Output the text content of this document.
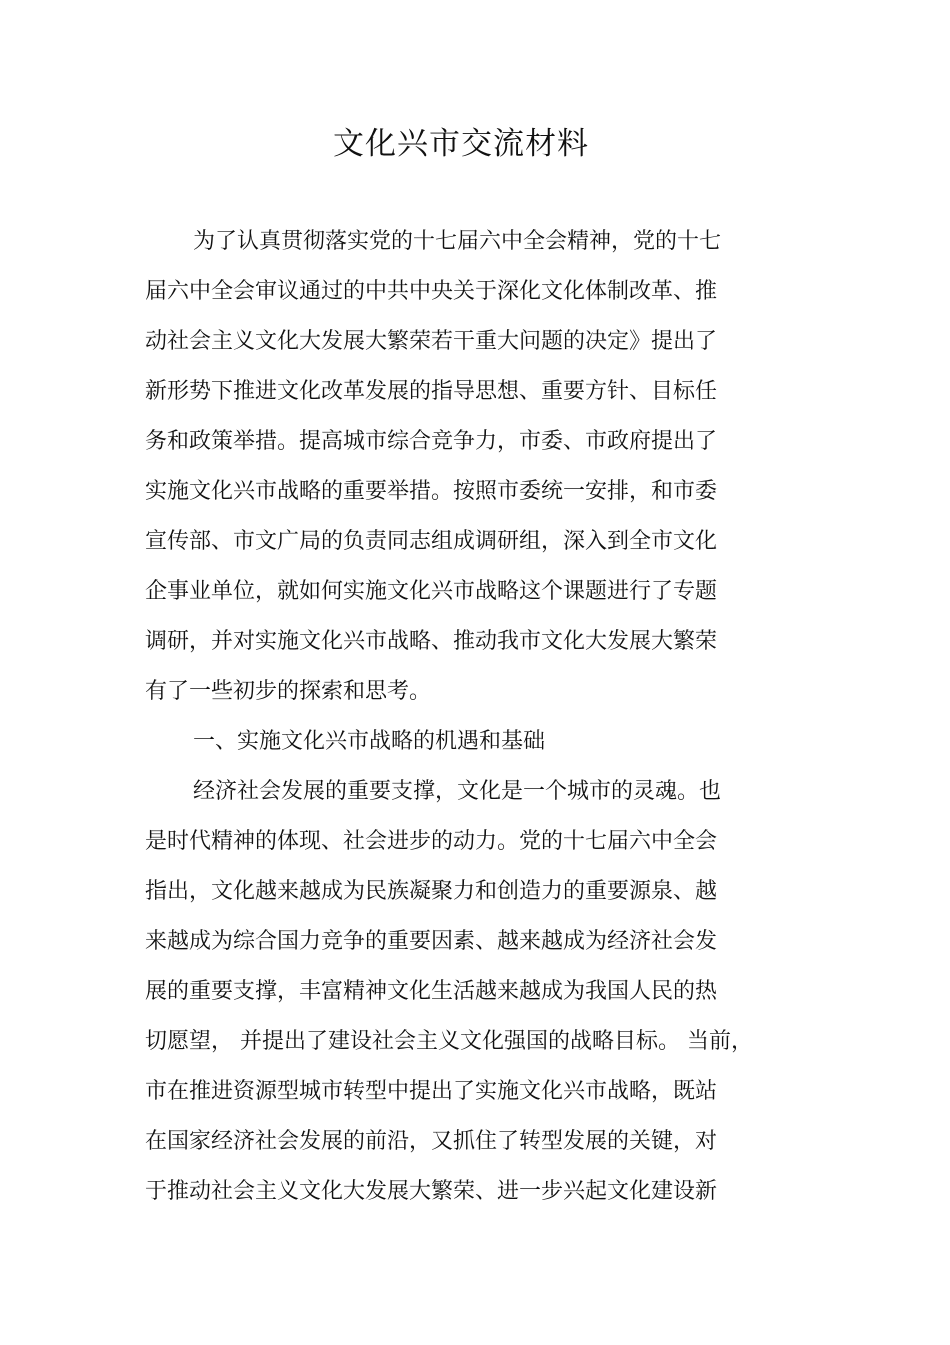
文化兴市交流材料
为了认真贯彻落实党的十七届六中全会精神，党的十七
届六中全会审议通过的中共中央关于深化文化体制改革、推
动社会主义文化大发展大繁荣若干重大问题的决定》提出了
新形势下推进文化改革发展的指导思想、重要方针、目标任
务和政策举措。提高城市综合竞争力，市委、市政府提出了
实施文化兴市战略的重要举措。按照市委统一安排，和市委
宣传部、市文广局的负责同志组成调研组，深入到全市文化
企事业单位，就如何实施文化兴市战略这个课题进行了专题
调研，并对实施文化兴市战略、推动我市文化大发展大繁荣
有了一些初步的探索和思考。
一、实施文化兴市战略的机遇和基础
经济社会发展的重要支撑，文化是一个城市的灵魂。也
是时代精神的体现、社会进步的动力。党的十七届六中全会
指出，文化越来越成为民族凝聚力和创造力的重要源泉、越
来越成为综合国力竞争的重要因素、越来越成为经济社会发
展的重要支撑，丰富精神文化生活越来越成为我国人民的热
切愿望， 并提出了建设社会主义文化强国的战略目标。 当前，
市在推进资源型城市转型中提出了实施文化兴市战略，既站
在国家经济社会发展的前沿，又抓住了转型发展的关键，对
于推动社会主义文化大发展大繁荣、进一步兴起文化建设新
